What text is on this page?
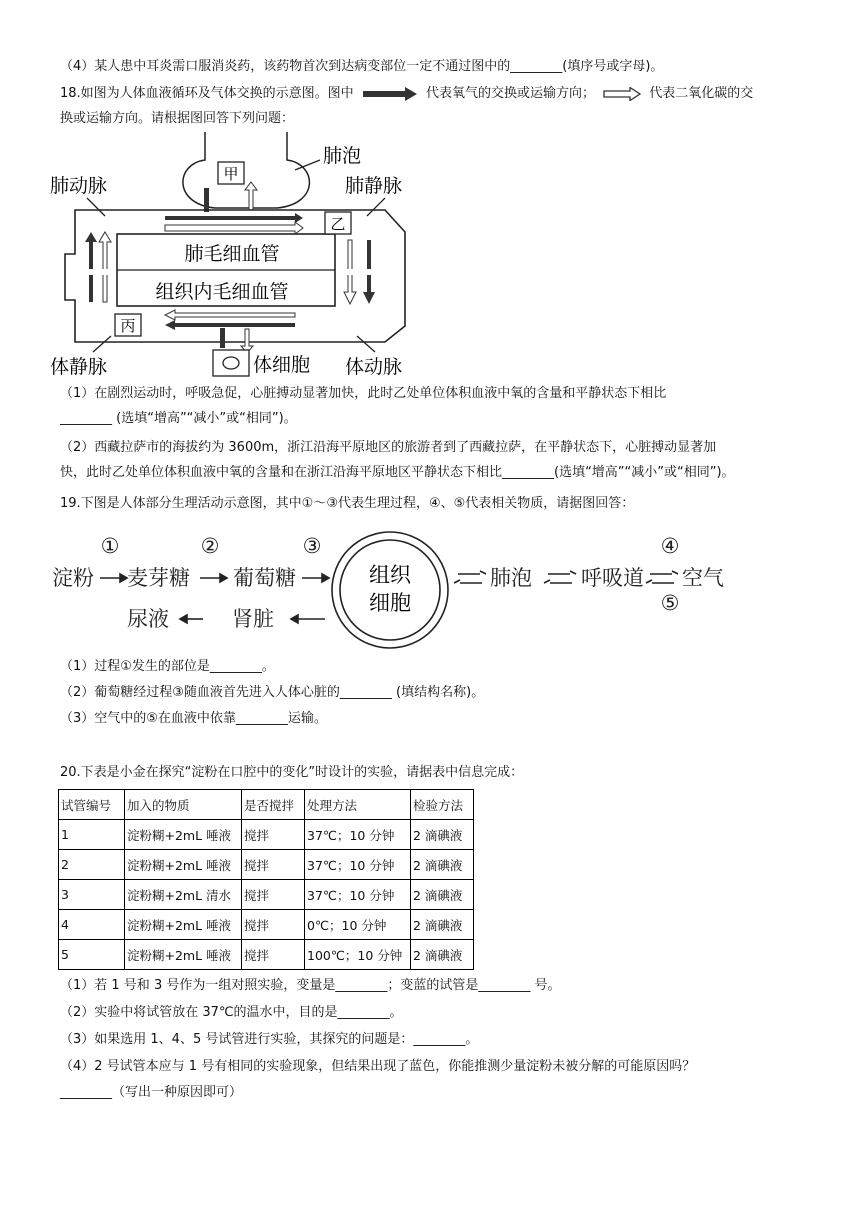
（4）某人患中耳炎需口服消炎药，该药物首次到达病变部位一定不通过图中的________(填序号或字母)。
18.如图为人体血液循环及气体交换的示意图。图中	代表氧气的交换或运输方向；	代表二氧化碳的交
换或运输方向。请根据图回答下列问题：
甲
肺泡
肺毛细血管
组织内毛细血管
乙
丙
体细胞
肺动脉	肺静脉
体静脉	体动脉
（1）在剧烈运动时，呼吸急促，心脏搏动显著加快，此时乙处单位体积血液中氧的含量和平静状态下相比
________ (选填“增高”“减小”或“相同”)。
（2）西藏拉萨市的海拔约为 3600m，浙江沿海平原地区的旅游者到了西藏拉萨，在平静状态下，心脏搏动显著加
快，此时乙处单位体积血液中氧的含量和在浙江沿海平原地区平静状态下相比________(选填“增高”“减小”或“相同”)。
19.下图是人体部分生理活动示意图，其中①～③代表生理过程，④、⑤代表相关物质，请据图回答：
①	②	③	④
⑤
淀粉 麦芽糖 葡萄糖	肺泡 呼吸道 空气
尿液	肾脏
组织
细胞
（1）过程①发生的部位是________。
（2）葡萄糖经过程③随血液首先进入人体心脏的________ (填结构名称)。
（3）空气中的⑤在血液中依靠________运输。
20.下表是小金在探究“淀粉在口腔中的变化”时设计的实验，请据表中信息完成：
试管编号	加入的物质	是否搅拌	处理方法	检验方法
1	淀粉糊+2mL 唾液	搅拌	37℃；10 分钟	2 滴碘液
2	淀粉糊+2mL 唾液	搅拌	37℃；10 分钟	2 滴碘液
3	淀粉糊+2mL 清水	搅拌	37℃；10 分钟	2 滴碘液
4	淀粉糊+2mL 唾液	搅拌	0℃；10 分钟	2 滴碘液
5	淀粉糊+2mL 唾液	搅拌	100℃；10 分钟	2 滴碘液
（1）若 1 号和 3 号作为一组对照实验，变量是________；变蓝的试管是________ 号。
（2）实验中将试管放在 37℃的温水中，目的是________。
（3）如果选用 1、4、5 号试管进行实验，其探究的问题是：________。
（4）2 号试管本应与 1 号有相同的实验现象，但结果出现了蓝色，你能推测少量淀粉未被分解的可能原因吗？
________（写出一种原因即可）
